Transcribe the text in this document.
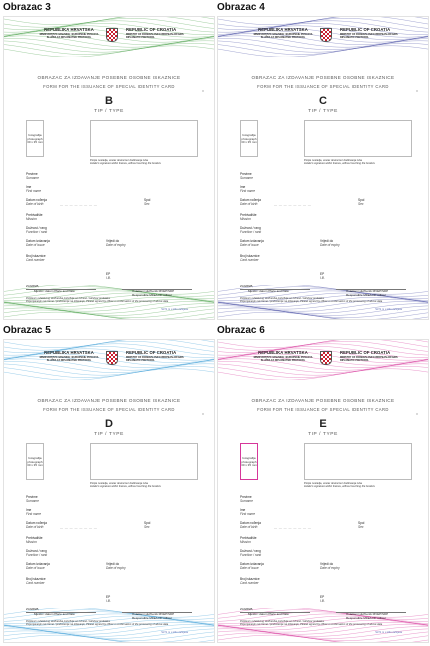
Obrazac 3
REPUBLIKA HRVATSKA
MINISTARSTVO VANJSKIH I EUROPSKIH POSLOVA SLUŽBA ZA DIPLOMATSKI PROTOKOL
REPUBLIC OF CROATIA
MINISTRY OF FOREIGN AND EUROPEAN AFFAIRS DIPLOMATIC PROTOCOL
0
OBRAZAC ZA IZDAVANJE POSEBNE OSOBNE ISKAZNICE
FORM FOR THE ISSUANCE OF SPECIAL IDENTITY CARD
B
TIP / TYPE
fotografija
photograph
30 x 35 mm
Potpis nositelja, unutar okvira bez dodirivanja ruba
Holder's signature within frames, without touching the borders
Prezime
Surname
Ime
First name
Datum rođenja
Date of birth	— — — — — — — —
Spol
Sex
Prebivalište
Mission
Dužnost / rang
Function / rank
Datum izdavanja
Date of issue
Vrijedi do
Date of expiry
Broj iskaznice
Card number
EP
I.B.
ZAGREB,
Mjesto i datum Place and Date	Ovlašteni službenik MVEP/SDP
Responsible MFEA DP Officer
Potpisom ovlaštenog službenika potvrđuje se točnost i istinitost podataka.
Popunjavanje ove forme i podnošenje na izdavanje, Please signed by officer in confirmation of the processing of above data
SLT1 m u stilu zahtjeva
Obrazac 4
REPUBLIKA HRVATSKA
MINISTARSTVO VANJSKIH I EUROPSKIH POSLOVA SLUŽBA ZA DIPLOMATSKI PROTOKOL
REPUBLIC OF CROATIA
MINISTRY OF FOREIGN AND EUROPEAN AFFAIRS DIPLOMATIC PROTOCOL
0
OBRAZAC ZA IZDAVANJE POSEBNE OSOBNE ISKAZNICE
FORM FOR THE ISSUANCE OF SPECIAL IDENTITY CARD
C
TIP / TYPE
fotografija
photograph
30 x 35 mm
Potpis nositelja, unutar okvira bez dodirivanja ruba
Holder's signature within frames, without touching the borders
Prezime
Surname
Ime
First name
Datum rođenja
Date of birth	— — — — — — — —
Spol
Sex
Prebivalište
Mission
Dužnost / rang
Function / rank
Datum izdavanja
Date of issue
Vrijedi do
Date of expiry
Broj iskaznice
Card number
EP
I.B.
ZAGREB,
Mjesto i datum Place and Date	Ovlašteni službenik MVEP/SDP
Responsible MFEA DP Officer
Potpisom ovlaštenog službenika potvrđuje se točnost i istinitost podataka.
Popunjavanje ove forme i podnošenje na izdavanje, Please signed by officer in confirmation of the processing of above data
SLT1 m u stilu zahtjeva
Obrazac 5
REPUBLIKA HRVATSKA
MINISTARSTVO VANJSKIH I EUROPSKIH POSLOVA SLUŽBA ZA DIPLOMATSKI PROTOKOL
REPUBLIC OF CROATIA
MINISTRY OF FOREIGN AND EUROPEAN AFFAIRS DIPLOMATIC PROTOCOL
0
OBRAZAC ZA IZDAVANJE POSEBNE OSOBNE ISKAZNICE
FORM FOR THE ISSUANCE OF SPECIAL IDENTITY CARD
D
TIP / TYPE
fotografija
photograph
30 x 35 mm
Potpis nositelja, unutar okvira bez dodirivanja ruba
Holder's signature within frames, without touching the borders
Prezime
Surname
Ime
First name
Datum rođenja
Date of birth	— — — — — — — —
Spol
Sex
Prebivalište
Mission
Dužnost / rang
Function / rank
Datum izdavanja
Date of issue
Vrijedi do
Date of expiry
Broj iskaznice
Card number
EP
I.B.
ZAGREB,
Mjesto i datum Place and Date	Ovlašteni službenik MVEP/SDP
Responsible MFEA DP Officer
Potpisom ovlaštenog službenika potvrđuje se točnost i istinitost podataka.
Popunjavanje ove forme i podnošenje na izdavanje, Please signed by officer in confirmation of the processing of above data
SLT1 m u stilu zahtjeva
Obrazac 6
REPUBLIKA HRVATSKA
MINISTARSTVO VANJSKIH I EUROPSKIH POSLOVA SLUŽBA ZA DIPLOMATSKI PROTOKOL
REPUBLIC OF CROATIA
MINISTRY OF FOREIGN AND EUROPEAN AFFAIRS DIPLOMATIC PROTOCOL
0
OBRAZAC ZA IZDAVANJE POSEBNE OSOBNE ISKAZNICE
FORM FOR THE ISSUANCE OF SPECIAL IDENTITY CARD
E
TIP / TYPE
fotografija
photograph
30 x 35 mm
Potpis nositelja, unutar okvira bez dodirivanja ruba
Holder's signature within frames, without touching the borders
Prezime
Surname
Ime
First name
Datum rođenja
Date of birth	— — — — — — — —
Spol
Sex
Prebivalište
Mission
Dužnost / rang
Function / rank
Datum izdavanja
Date of issue
Vrijedi do
Date of expiry
Broj iskaznice
Card number
EP
I.B.
ZAGREB,
Mjesto i datum Place and Date	Ovlašteni službenik MVEP/SDP
Responsible MFEA DP Officer
Potpisom ovlaštenog službenika potvrđuje se točnost i istinitost podataka.
Popunjavanje ove forme i podnošenje na izdavanje, Please signed by officer in confirmation of the processing of above data
SLT1 m u stilu zahtjeva
